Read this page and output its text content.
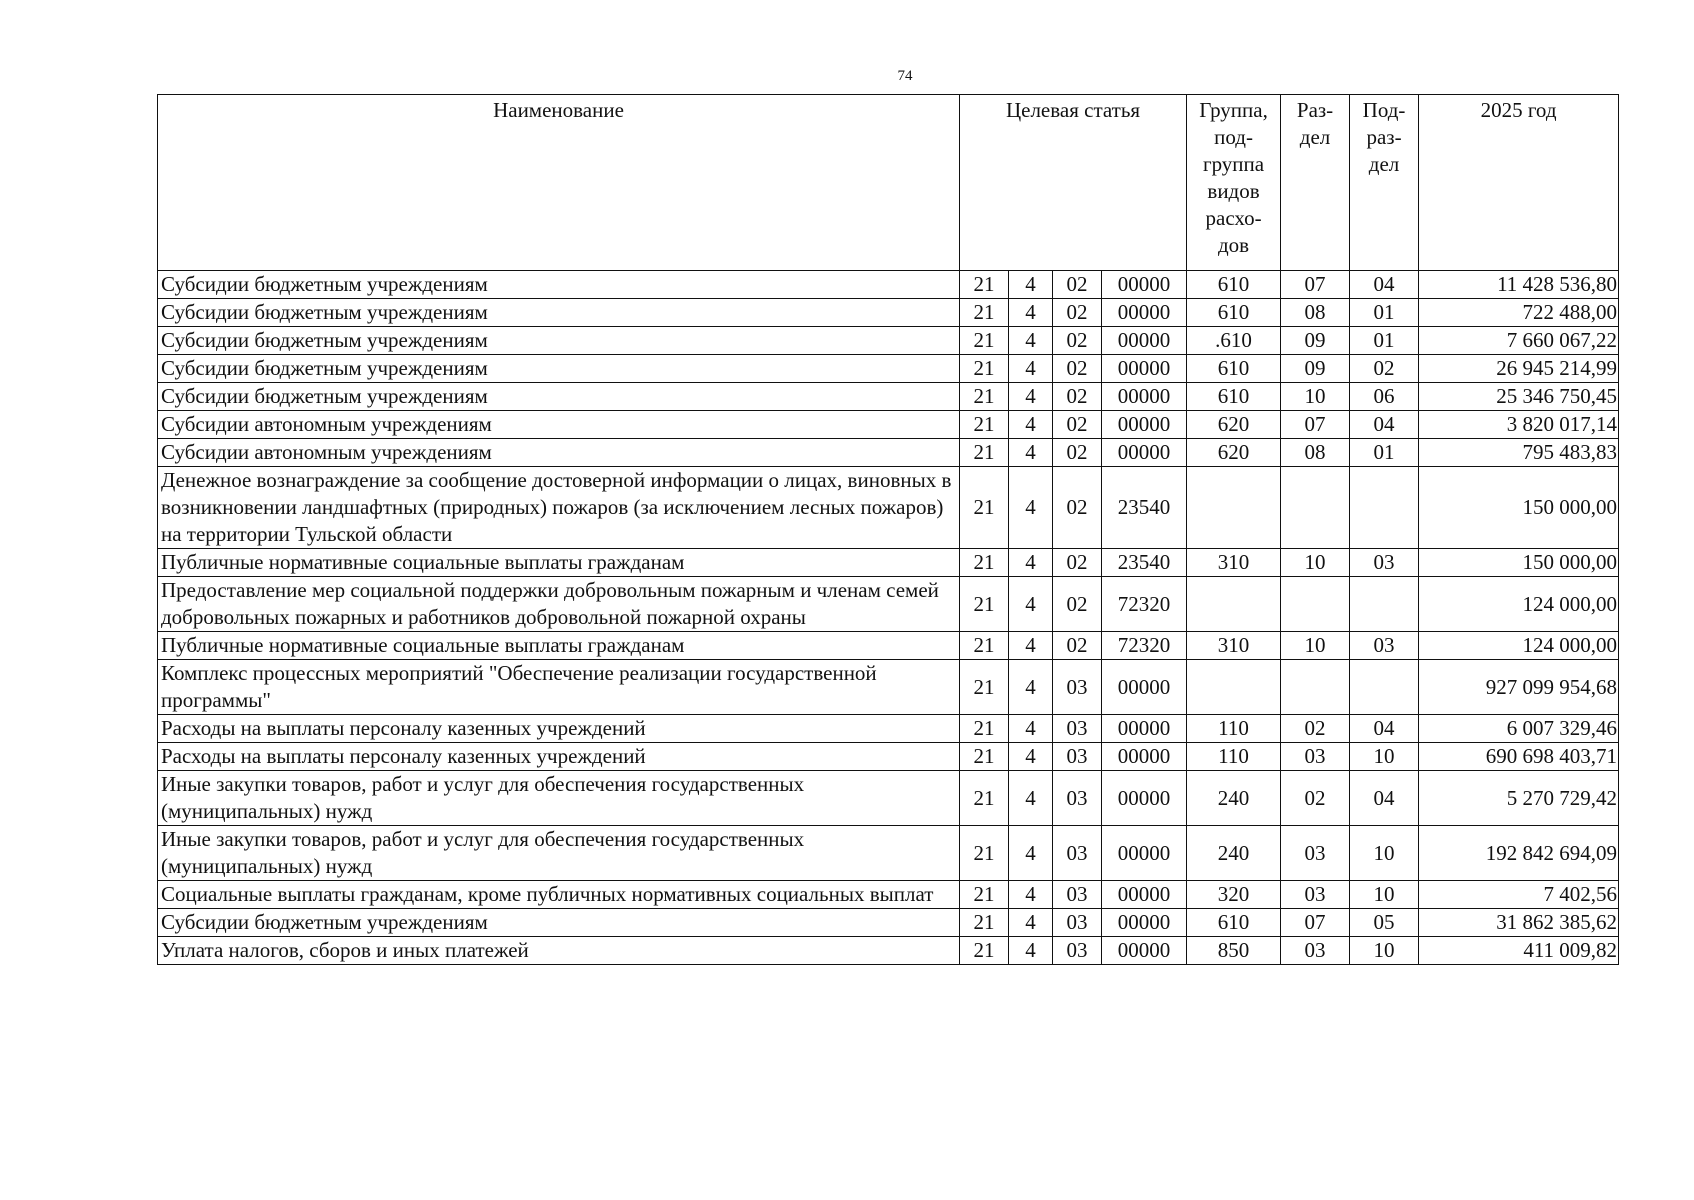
74
Наименование	Целевая статья				Группа, под- группа видов расхо- дов	Раз- дел	Под- раз- дел	2025 год
Субсидии бюджетным учреждениям	21	4	02	00000	610	07	04	11 428 536,80
Субсидии бюджетным учреждениям	21	4	02	00000	610	08	01	722 488,00
Субсидии бюджетным учреждениям	21	4	02	00000	.610	09	01	7 660 067,22
Субсидии бюджетным учреждениям	21	4	02	00000	610	09	02	26 945 214,99
Субсидии бюджетным учреждениям	21	4	02	00000	610	10	06	25 346 750,45
Субсидии автономным учреждениям	21	4	02	00000	620	07	04	3 820 017,14
Субсидии автономным учреждениям	21	4	02	00000	620	08	01	795 483,83
Денежное вознаграждение за сообщение достоверной информации о лицах, виновных в возникновении ландшафтных (природных) пожаров (за исключением лесных пожаров) на территории Тульской области	21	4	02	23540				150 000,00
Публичные нормативные социальные выплаты гражданам	21	4	02	23540	310	10	03	150 000,00
Предоставление мер социальной поддержки добровольным пожарным и членам семей добровольных пожарных и работников добровольной пожарной охраны	21	4	02	72320				124 000,00
Публичные нормативные социальные выплаты гражданам	21	4	02	72320	310	10	03	124 000,00
Комплекс процессных мероприятий "Обеспечение реализации государственной программы"	21	4	03	00000				927 099 954,68
Расходы на выплаты персоналу казенных учреждений	21	4	03	00000	110	02	04	6 007 329,46
Расходы на выплаты персоналу казенных учреждений	21	4	03	00000	110	03	10	690 698 403,71
Иные закупки товаров, работ и услуг для обеспечения государственных (муниципальных) нужд	21	4	03	00000	240	02	04	5 270 729,42
Иные закупки товаров, работ и услуг для обеспечения государственных (муниципальных) нужд	21	4	03	00000	240	03	10	192 842 694,09
Социальные выплаты гражданам, кроме публичных нормативных социальных выплат	21	4	03	00000	320	03	10	7 402,56
Субсидии бюджетным учреждениям	21	4	03	00000	610	07	05	31 862 385,62
Уплата налогов, сборов и иных платежей	21	4	03	00000	850	03	10	411 009,82
